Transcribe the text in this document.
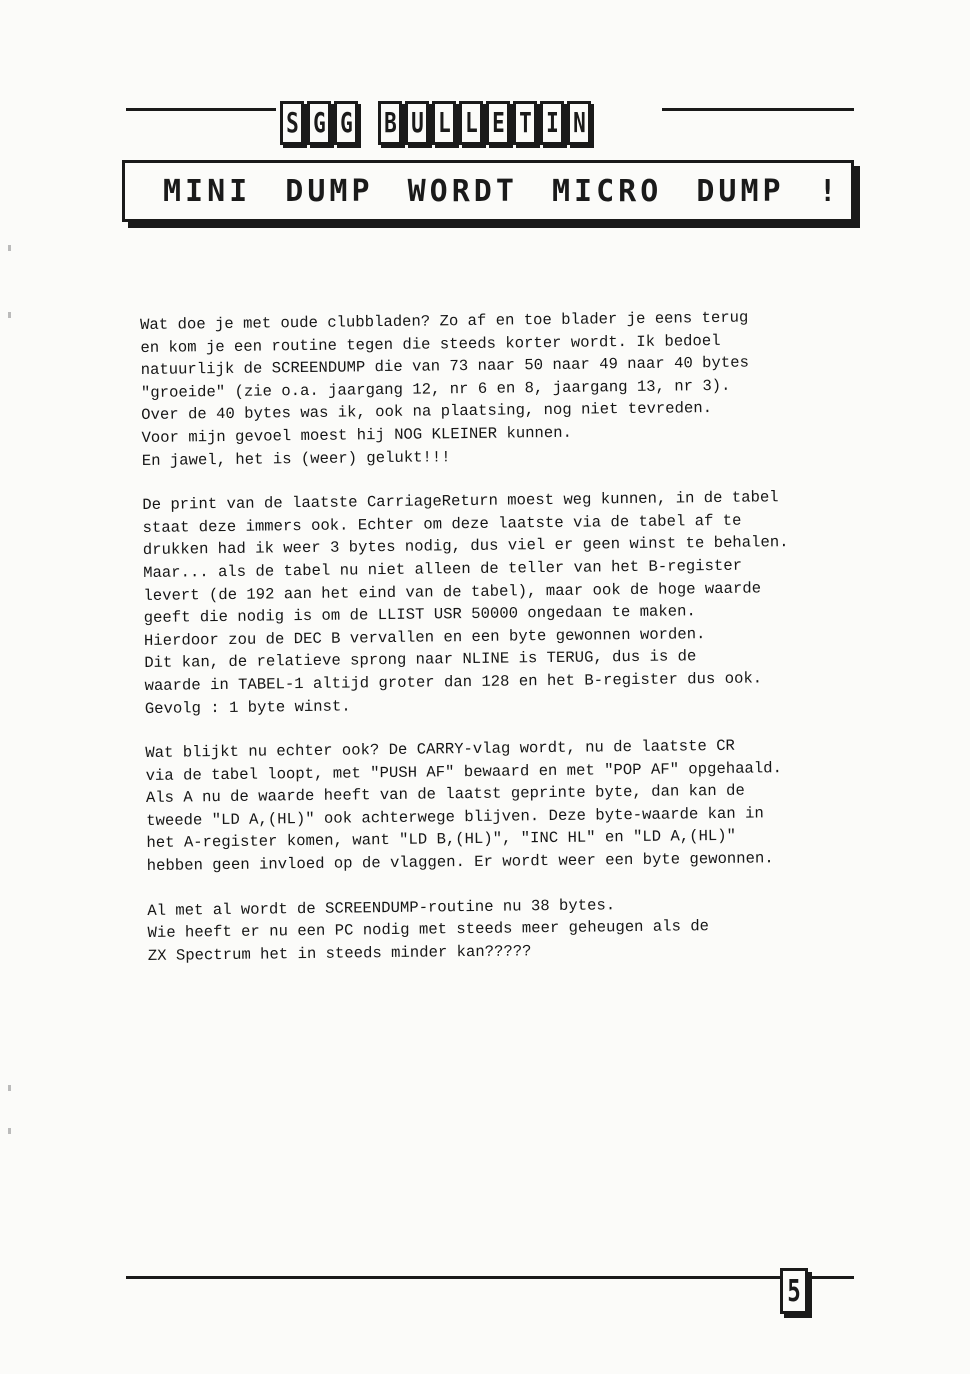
S G G B U L L E T I N
MINI DUMP WORDT MICRO DUMP !
Wat doe je met oude clubbladen? Zo af en toe blader je eens terug
en kom je een routine tegen die steeds korter wordt. Ik bedoel
natuurlijk de SCREENDUMP die van 73 naar 50 naar 49 naar 40 bytes
"groeide" (zie o.a. jaargang 12, nr 6 en 8, jaargang 13, nr 3).
Over de 40 bytes was ik, ook na plaatsing, nog niet tevreden.
Voor mijn gevoel moest hij NOG KLEINER kunnen.
En jawel, het is (weer) gelukt!!!
De print van de laatste CarriageReturn moest weg kunnen, in de tabel
staat deze immers ook. Echter om deze laatste via de tabel af te
drukken had ik weer 3 bytes nodig, dus viel er geen winst te behalen.
Maar... als de tabel nu niet alleen de teller van het B-register
levert (de 192 aan het eind van de tabel), maar ook de hoge waarde
geeft die nodig is om de LLIST USR 50000 ongedaan te maken.
Hierdoor zou de DEC B vervallen en een byte gewonnen worden.
Dit kan, de relatieve sprong naar NLINE is TERUG, dus is de
waarde in TABEL-1 altijd groter dan 128 en het B-register dus ook.
Gevolg : 1 byte winst.
Wat blijkt nu echter ook? De CARRY-vlag wordt, nu de laatste CR
via de tabel loopt, met "PUSH AF" bewaard en met "POP AF" opgehaald.
Als A nu de waarde heeft van de laatst geprinte byte, dan kan de
tweede "LD A,(HL)" ook achterwege blijven. Deze byte-waarde kan in
het A-register komen, want "LD B,(HL)", "INC HL" en "LD A,(HL)"
hebben geen invloed op de vlaggen. Er wordt weer een byte gewonnen.
Al met al wordt de SCREENDUMP-routine nu 38 bytes.
Wie heeft er nu een PC nodig met steeds meer geheugen als de
ZX Spectrum het in steeds minder kan?????
5
